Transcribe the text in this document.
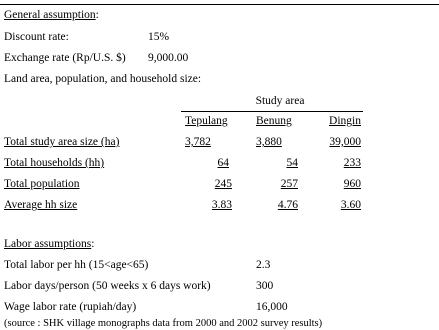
General assumption:
Discount rate:	15%
Exchange rate (Rp/U.S. $) 9,000.00
Land area, population, and household size:
Study area
Tepulang Benung	Dingin
Total study area size (ha)	3,782	3,880	39,000
Total households (hh)	64	54	233
Total population	245	257	960
Average hh size	3.83	4.76	3.60
Labor assumptions:
Total labor per hh (15<age<65)	2.3
Labor days/person (50 weeks x 6 days work)	300
Wage labor rate (rupiah/day)	16,000
(source : SHK village monographs data from 2000 and 2002 survey results)
